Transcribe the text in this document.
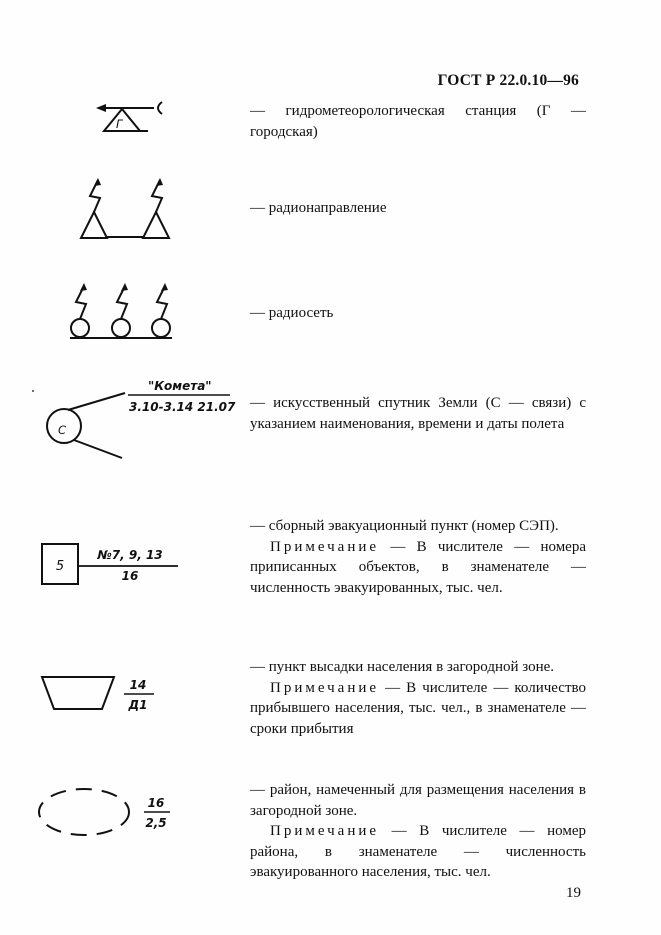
ГОСТ Р 22.0.10—96
Г

— гидрометеорологическая станция (Г — городская)

— радионаправление

— радиосеть

С
"Комета"
3.10-3.14 21.07 — искусственный спутник Земли (С — связи) с указанием наименования, времени и даты полета

5
№7, 9, 13
16

— сборный эвакуационный пункт (номер СЭП).

Примечание — В числителе — номера приписанных объектов, в знаменателе — численность эвакуированных, тыс. чел.

14
Д1

— пункт высадки населения в загородной зоне.

Примечание — В числителе — количество прибывшего населения, тыс. чел., в знаменателе — сроки прибытия

16
2,5

— район, намеченный для размещения населения в загородной зоне.

Примечание — В числителе — номер района, в знаменателе — численность эвакуированного населения, тыс. чел.

19
